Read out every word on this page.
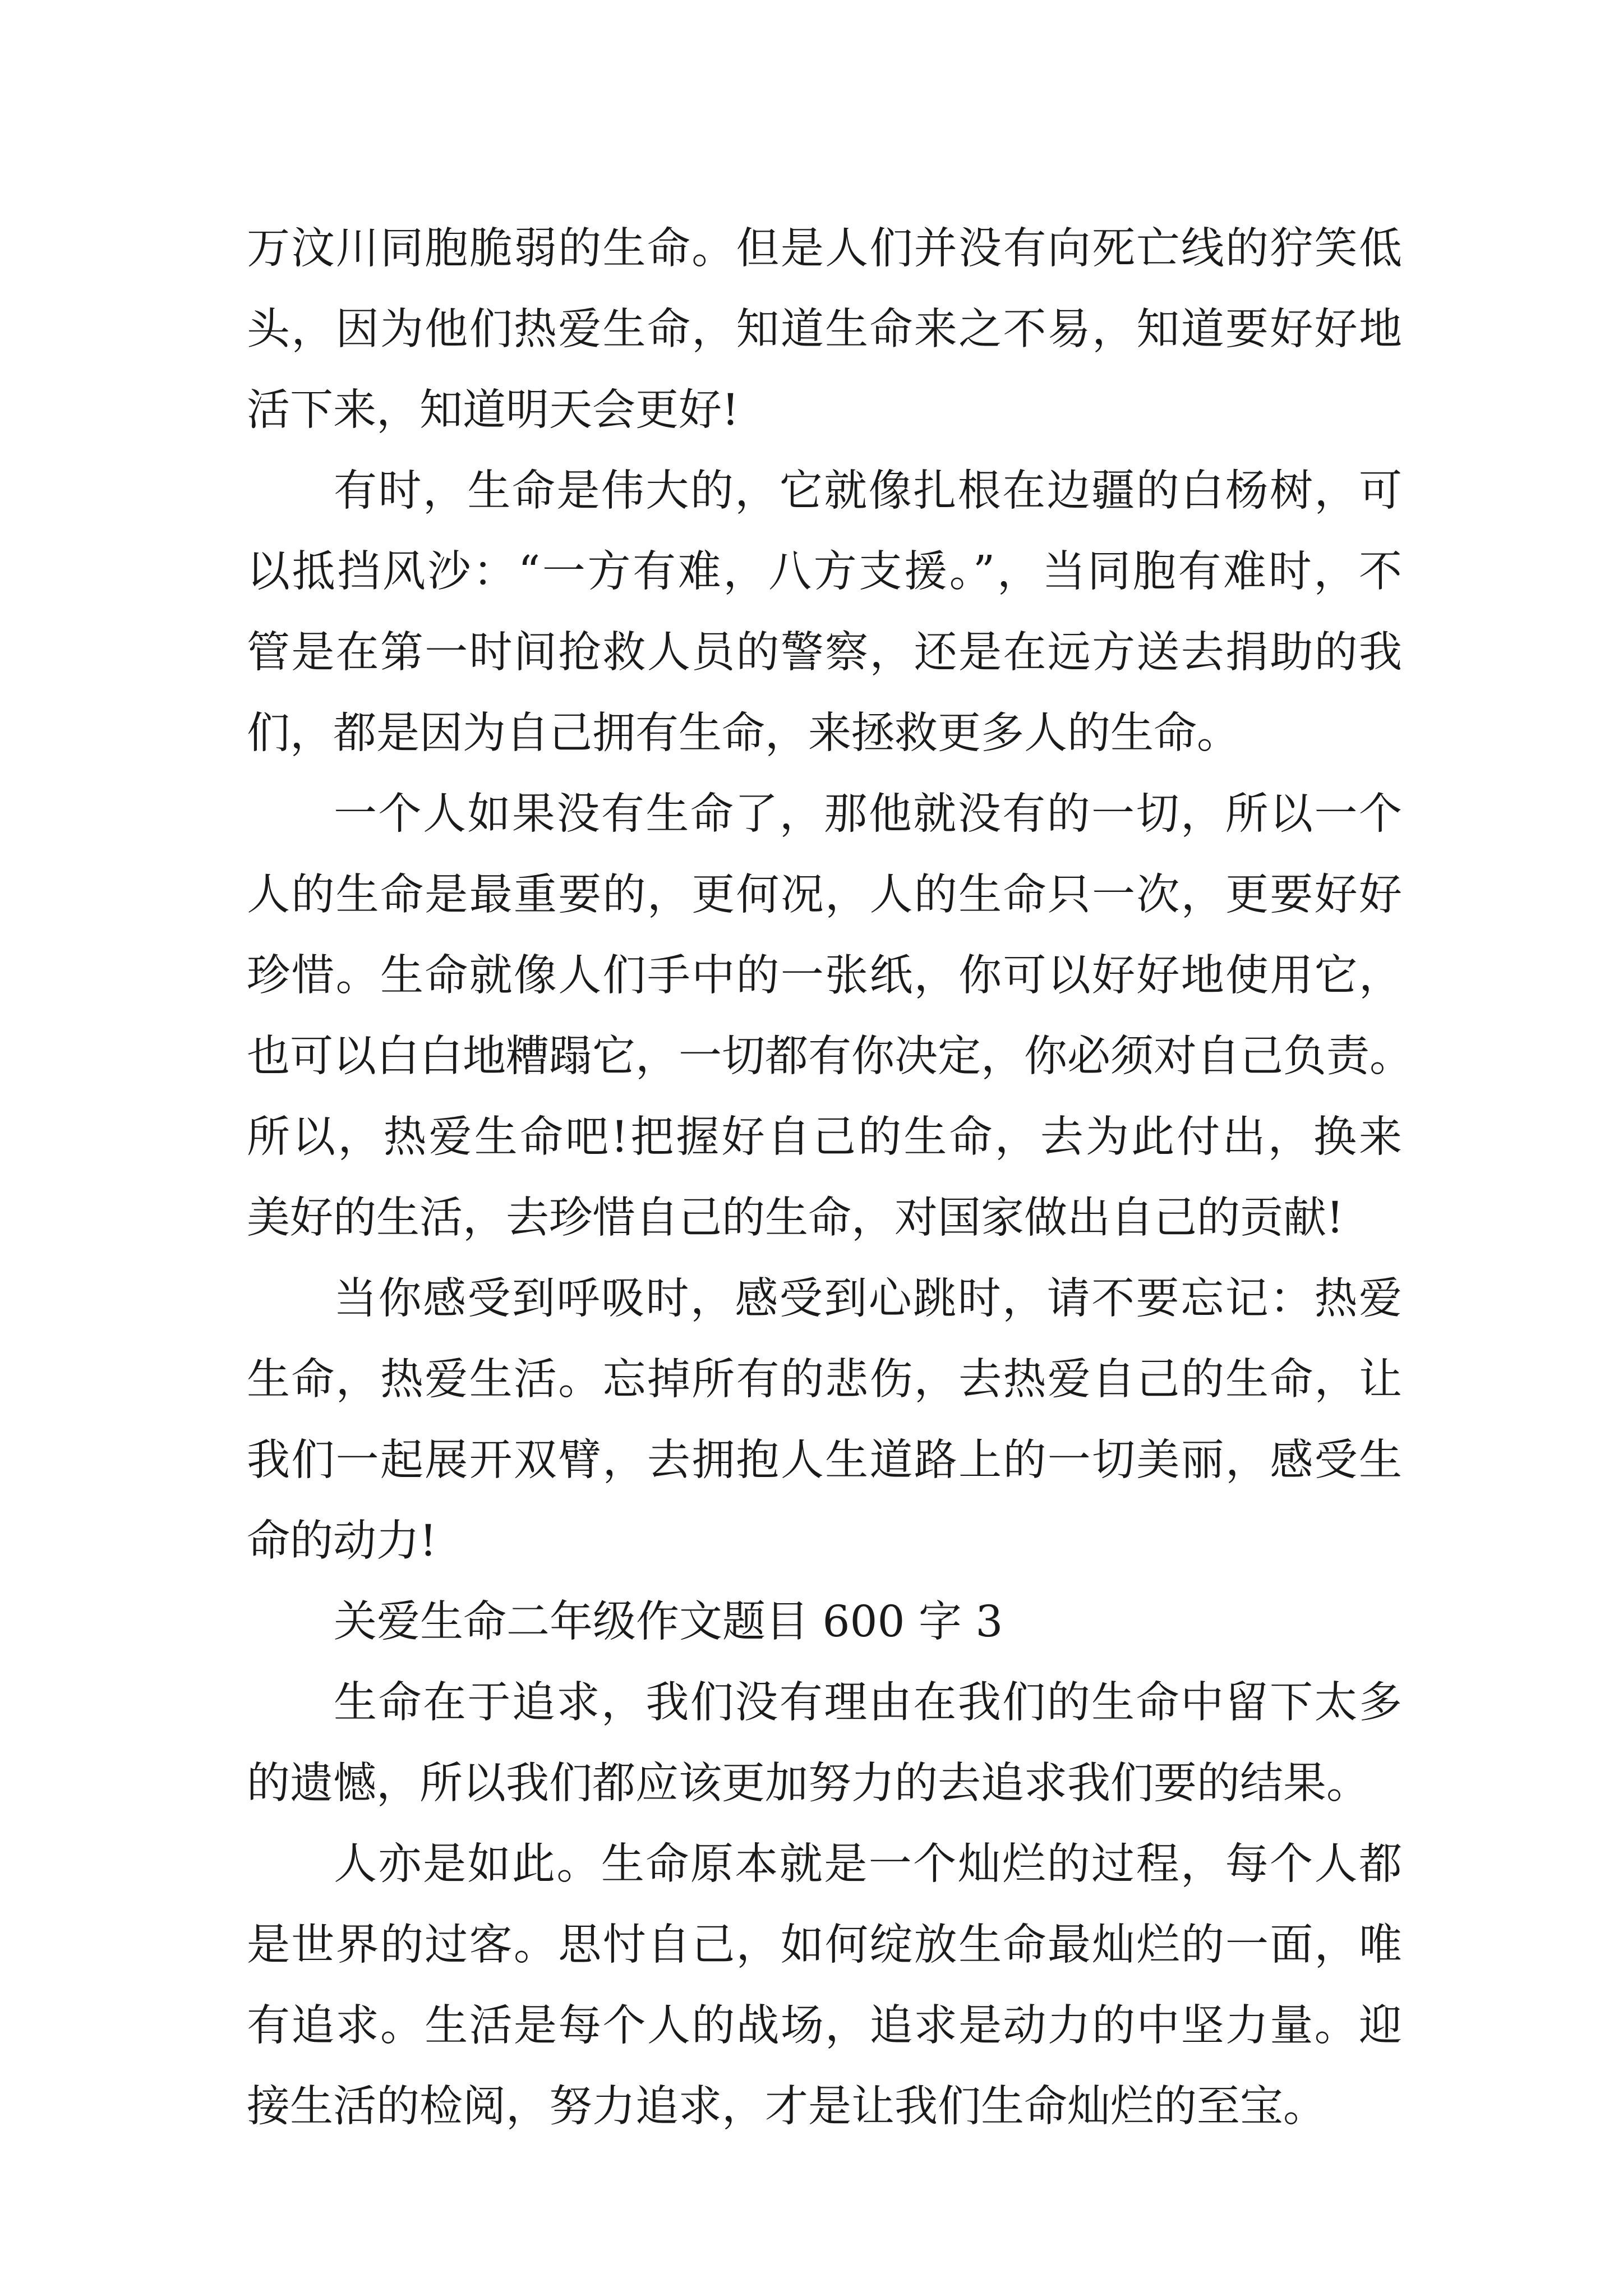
万汶川同胞脆弱的生命。但是人们并没有向死亡线的狞笑低
头，因为他们热爱生命，知道生命来之不易，知道要好好地
活下来，知道明天会更好!
有时，生命是伟大的，它就像扎根在边疆的白杨树，可
以抵挡风沙：“一方有难，八方支援。”，当同胞有难时，不
管是在第一时间抢救人员的警察，还是在远方送去捐助的我
们，都是因为自己拥有生命，来拯救更多人的生命。
一个人如果没有生命了，那他就没有的一切，所以一个
人的生命是最重要的，更何况，人的生命只一次，更要好好
珍惜。生命就像人们手中的一张纸，你可以好好地使用它，
也可以白白地糟蹋它，一切都有你决定，你必须对自己负责。
所以，热爱生命吧!把握好自己的生命，去为此付出，换来
美好的生活，去珍惜自己的生命，对国家做出自己的贡献!
当你感受到呼吸时，感受到心跳时，请不要忘记：热爱
生命，热爱生活。忘掉所有的悲伤，去热爱自己的生命，让
我们一起展开双臂，去拥抱人生道路上的一切美丽，感受生
命的动力!
关爱生命二年级作文题目 600 字 3
生命在于追求，我们没有理由在我们的生命中留下太多
的遗憾，所以我们都应该更加努力的去追求我们要的结果。
人亦是如此。生命原本就是一个灿烂的过程，每个人都
是世界的过客。思忖自己，如何绽放生命最灿烂的一面，唯
有追求。生活是每个人的战场，追求是动力的中坚力量。迎
接生活的检阅，努力追求，才是让我们生命灿烂的至宝。
